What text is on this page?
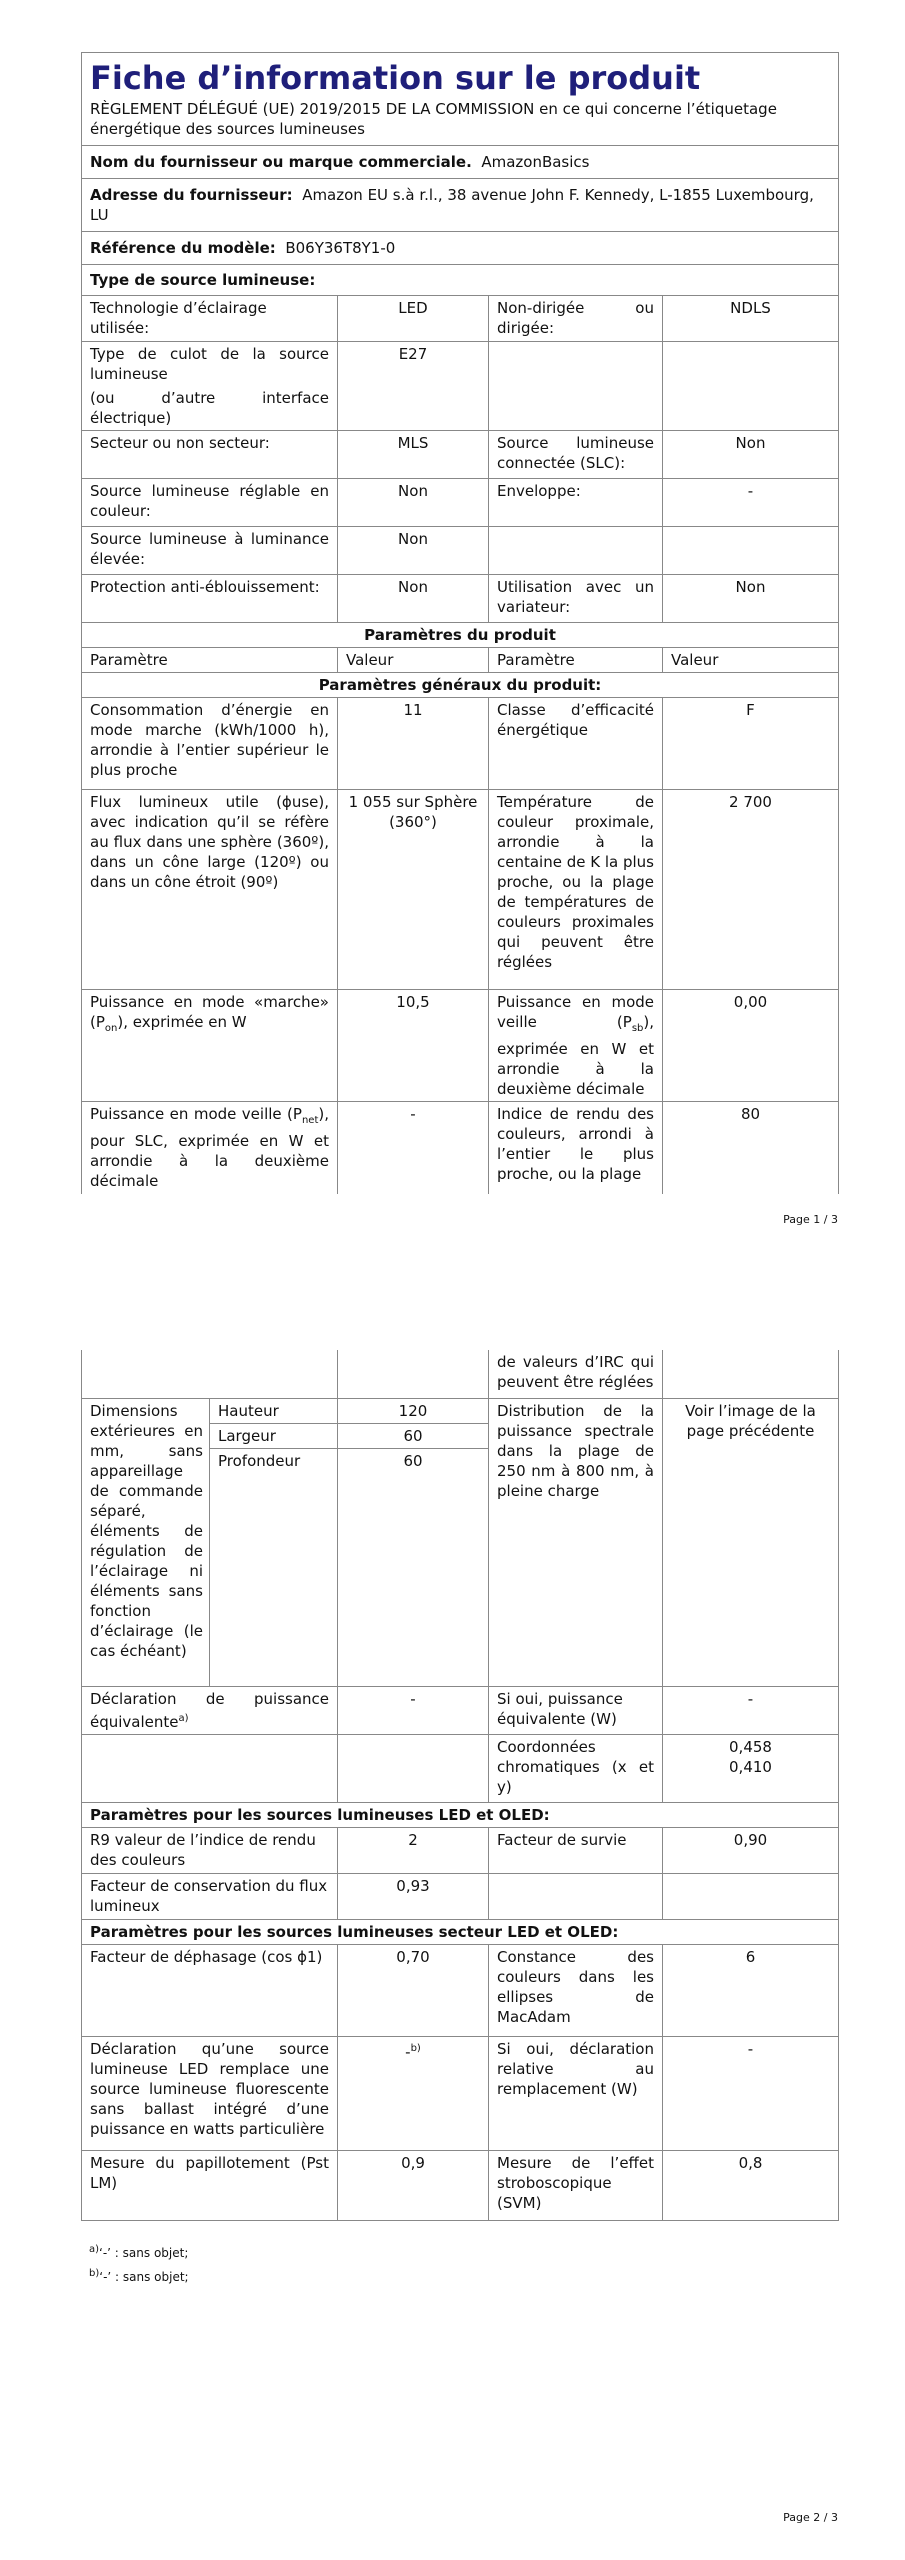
Fiche d’information sur le produit
RÈGLEMENT DÉLÉGUÉ (UE) 2019/2015 DE LA COMMISSION en ce qui concerne l’étiquetage énergétique des sources lumineuses			

Nom du fournisseur ou marque commerciale. AmazonBasics			
Adresse du fournisseur: Amazon EU s.à r.l., 38 avenue John F. Kennedy, L-1855 Luxembourg, LU			
Référence du modèle: B06Y36T8Y1-0			
Type de source lumineuse:			
Technologie d’éclairage utilisée:	LED	Non-dirigée ou dirigée:	NDLS

Type de culot de la source lumineuse
(ou d’autre interface électrique)	E27		
Secteur ou non secteur:	MLS	Source lumineuse connectée (SLC):	Non
Source lumineuse réglable en couleur:	Non	Enveloppe:	-
Source lumineuse à luminance élevée:	Non		
Protection anti-éblouissement:	Non	Utilisation avec un variateur:	Non
Paramètres du produit			
Paramètre	Valeur	Paramètre	Valeur
Paramètres généraux du produit:			
Consommation d’énergie en mode marche (kWh/1000 h), arrondie à l’entier supérieur le plus proche	11	Classe d’efficacité énergétique	F
Flux lumineux utile (ϕuse), avec indication qu’il se réfère au flux dans une sphère (360º), dans un cône large (120º) ou dans un cône étroit (90º)	1 055 sur Sphère (360°)	Température de couleur proximale, arrondie à la centaine de K la plus proche, ou la plage de températures de couleurs proximales qui peuvent être réglées	2 700
Puissance en mode «marche» $(P_{on})$, exprimée en W	10,5	Puissance en mode veille $(P_{sb})$, exprimée en W et arrondie à la deuxième décimale	0,00
Puissance en mode veille $(P_{net})$, pour SLC, exprimée en W et arrondie à la deuxième décimale	-	Indice de rendu des couleurs, arrondi à l’entier le plus proche, ou la plage	80
Page 1 / 3
			de valeurs d’IRC qui peuvent être réglées	
Dimensions extérieures en mm, sans appareillage de commande séparé, éléments de régulation de l’éclairage ni éléments sans fonction d’éclairage (le cas échéant)	Hauteur	120	Distribution de la puissance spectrale dans la plage de 250 nm à 800 nm, à pleine charge	Voir l’image de la page précédente
	Largeur	60		
	Profondeur	60		

Déclaration de puissance équivalente$^{a)}$		-	Si oui, puissance équivalente (W)	-
			Coordonnées chromatiques (x et y)	0,458
0,410

Paramètres pour les sources lumineuses LED et OLED:				
R9 valeur de l’indice de rendu des couleurs		2	Facteur de survie	0,90
Facteur de conservation du flux lumineux		0,93		
Paramètres pour les sources lumineuses secteur LED et OLED:				
Facteur de déphasage (cos ϕ1)		0,70	Constance des couleurs dans les ellipses de MacAdam	6
Déclaration qu’une source lumineuse LED remplace une source lumineuse fluorescente sans ballast intégré d’une puissance en watts particulière		-$^{b)}$	Si oui, déclaration relative au remplacement (W)	-
Mesure du papillotement (Pst LM)		0,9	Mesure de l’effet stroboscopique (SVM)	0,8
$^{a)}$‘-’ : sans objet;
$^{b)}$‘-’ : sans objet;
Page 2 / 3
